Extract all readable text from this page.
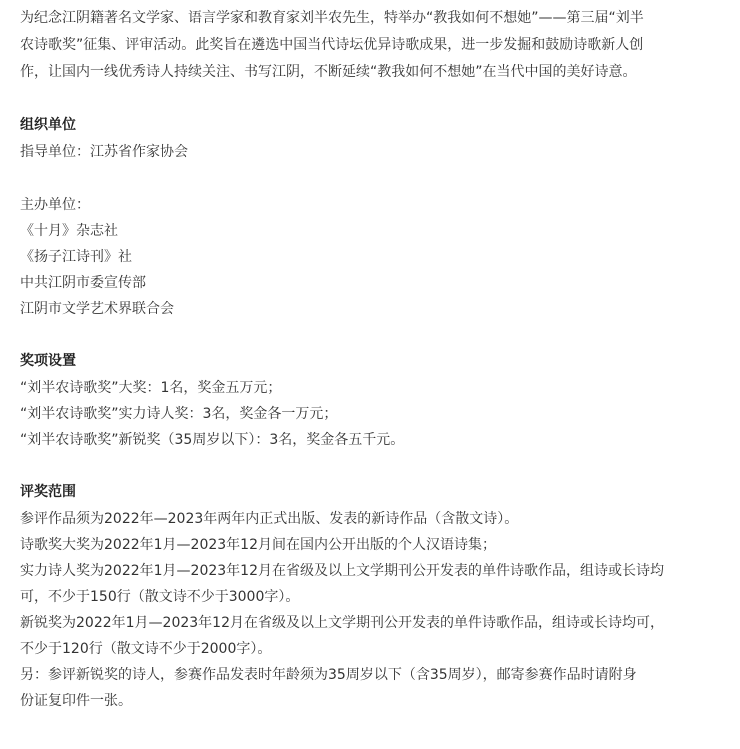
为纪念江阴籍著名文学家、语言学家和教育家刘半农先生，特举办“教我如何不想她”——第三届“刘半

农诗歌奖”征集、评审活动。此奖旨在遴选中国当代诗坛优异诗歌成果，进一步发掘和鼓励诗歌新人创

作，让国内一线优秀诗人持续关注、书写江阴，不断延续“教我如何不想她”在当代中国的美好诗意。

组织单位

指导单位：江苏省作家协会

主办单位：

《十月》杂志社

《扬子江诗刊》社

中共江阴市委宣传部

江阴市文学艺术界联合会

奖项设置

“刘半农诗歌奖”大奖：1名，奖金五万元；

“刘半农诗歌奖”实力诗人奖：3名，奖金各一万元；

“刘半农诗歌奖”新锐奖（35周岁以下）：3名，奖金各五千元。

评奖范围

参评作品须为2022年—2023年两年内正式出版、发表的新诗作品（含散文诗）。

诗歌奖大奖为2022年1月—2023年12月间在国内公开出版的个人汉语诗集；

实力诗人奖为2022年1月—2023年12月在省级及以上文学期刊公开发表的单件诗歌作品，组诗或长诗均

可，不少于150行（散文诗不少于3000字）。

新锐奖为2022年1月—2023年12月在省级及以上文学期刊公开发表的单件诗歌作品，组诗或长诗均可，

不少于120行（散文诗不少于2000字）。

另：参评新锐奖的诗人，参赛作品发表时年龄须为35周岁以下（含35周岁），邮寄参赛作品时请附身

份证复印件一张。
